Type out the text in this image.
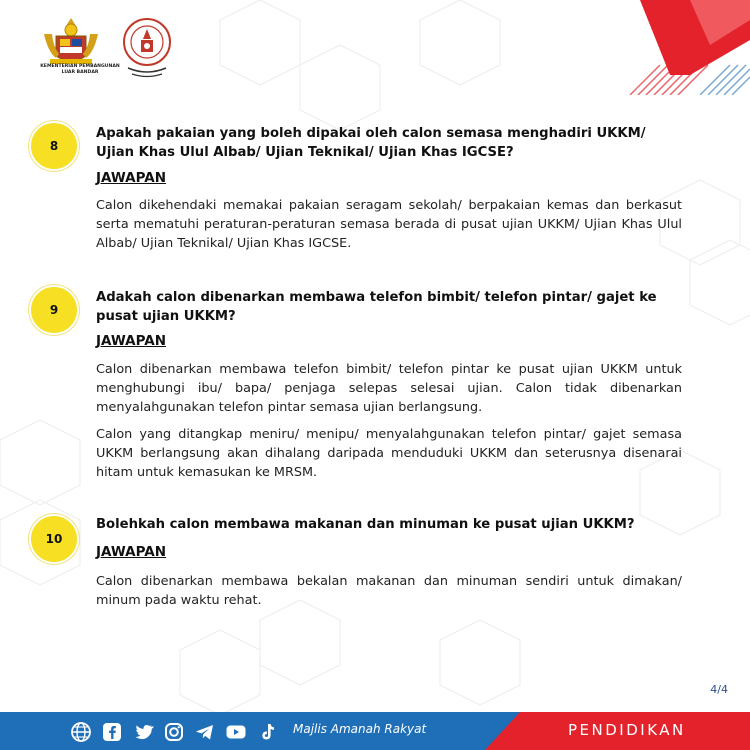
KEMENTERIAN PEMBANGUNAN LUAR BANDAR
8
Apakah pakaian yang boleh dipakai oleh calon semasa menghadiri UKKM/ Ujian Khas Ulul Albab/ Ujian Teknikal/ Ujian Khas IGCSE?
JAWAPAN
Calon dikehendaki memakai pakaian seragam sekolah/ berpakaian kemas dan berkasut serta mematuhi peraturan-peraturan semasa berada di pusat ujian UKKM/ Ujian Khas Ulul Albab/ Ujian Teknikal/ Ujian Khas IGCSE.
9
Adakah calon dibenarkan membawa telefon bimbit/ telefon pintar/ gajet ke pusat ujian UKKM?
JAWAPAN
Calon dibenarkan membawa telefon bimbit/ telefon pintar ke pusat ujian UKKM untuk menghubungi ibu/ bapa/ penjaga selepas selesai ujian. Calon tidak dibenarkan menyalahgunakan telefon pintar semasa ujian berlangsung.
Calon yang ditangkap meniru/ menipu/ menyalahgunakan telefon pintar/ gajet semasa UKKM berlangsung akan dihalang daripada menduduki UKKM dan seterusnya disenarai hitam untuk kemasukan ke MRSM.
10
Bolehkah calon membawa makanan dan minuman ke pusat ujian UKKM?
JAWAPAN
Calon dibenarkan membawa bekalan makanan dan minuman sendiri untuk dimakan/ minum pada waktu rehat.
4/4
Majlis Amanah Rakyat	PENDIDIKAN
